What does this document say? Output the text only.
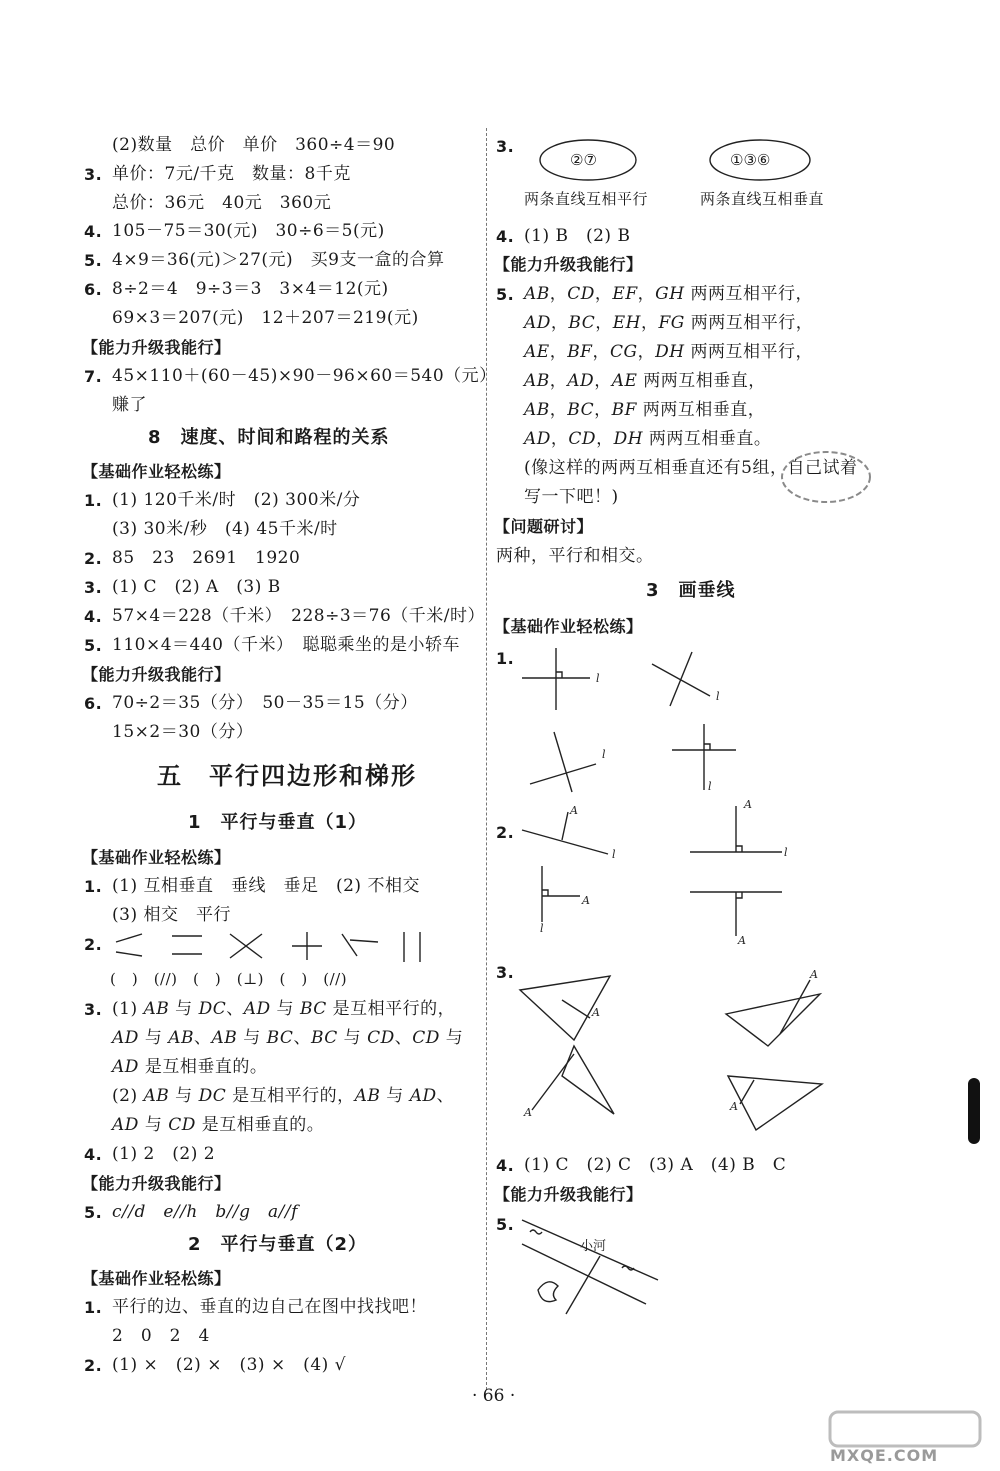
(2)数量　总价　单价　360÷4＝90
3. 单价：7元/千克　数量：8千克
总价：36元　40元　360元
4. 105－75＝30(元)　30÷6＝5(元)
5. 4×9＝36(元)＞27(元)　买9支一盒的合算
6. 8÷2＝4　9÷3＝3　3×4＝12(元)
69×3＝207(元)　12＋207＝219(元)
【能力升级我能行】
7. 45×110＋(60－45)×90－96×60＝540（元）
赚了
8　速度、时间和路程的关系
【基础作业轻松练】
1. (1) 120千米/时　(2) 300米/分
(3) 30米/秒　(4) 45千米/时
2. 85　23　2691　1920
3. (1) C　(2) A　(3) B
4. 57×4＝228（千米）　228÷3＝76（千米/时）
5. 110×4＝440（千米）　聪聪乘坐的是小轿车
【能力升级我能行】
6. 70÷2＝35（分）　50－35＝15（分）
15×2＝30（分）
五　平行四边形和梯形
1　平行与垂直（1）
【基础作业轻松练】
1. (1) 互相垂直　垂线　垂足　(2) 不相交
(3) 相交　平行
2.
(　)　(//)　(　)　(⊥)　(　)　(//)
3. (1) AB 与 DC、AD 与 BC 是互相平行的，
AD 与 AB、AB 与 BC、BC 与 CD、CD 与
AD 是互相垂直的。
(2) AB 与 DC 是互相平行的，AB 与 AD、
AD 与 CD 是互相垂直的。
4. (1) 2　(2) 2
【能力升级我能行】
5. c//d　e//h　b//g　a//f
2　平行与垂直（2）
【基础作业轻松练】
1. 平行的边、垂直的边自己在图中找找吧！
2　0　2　4
2. (1) ×　(2) ×　(3) ×　(4) √
3.
②⑦	①③⑥
两条直线互相平行	两条直线互相垂直
4. (1) B　(2) B
【能力升级我能行】
5. AB，CD，EF，GH 两两互相平行，
AD，BC，EH，FG 两两互相平行，
AE，BF，CG，DH 两两互相平行，
AB，AD，AE 两两互相垂直，
AB，BC，BF 两两互相垂直，
AD，CD，DH 两两互相垂直。
(像这样的两两互相垂直还有5组，自己试着
写一下吧！)
【问题研讨】
两种，平行和相交。
3　画垂线
【基础作业轻松练】
1.
l
l
l
l
2.
A
l
A
l
A
l
A
3.
A
A
A	A
4. (1) C　(2) C　(3) A　(4) B　C
【能力升级我能行】
5.
小河
· 66 ·
MXQE.COM
